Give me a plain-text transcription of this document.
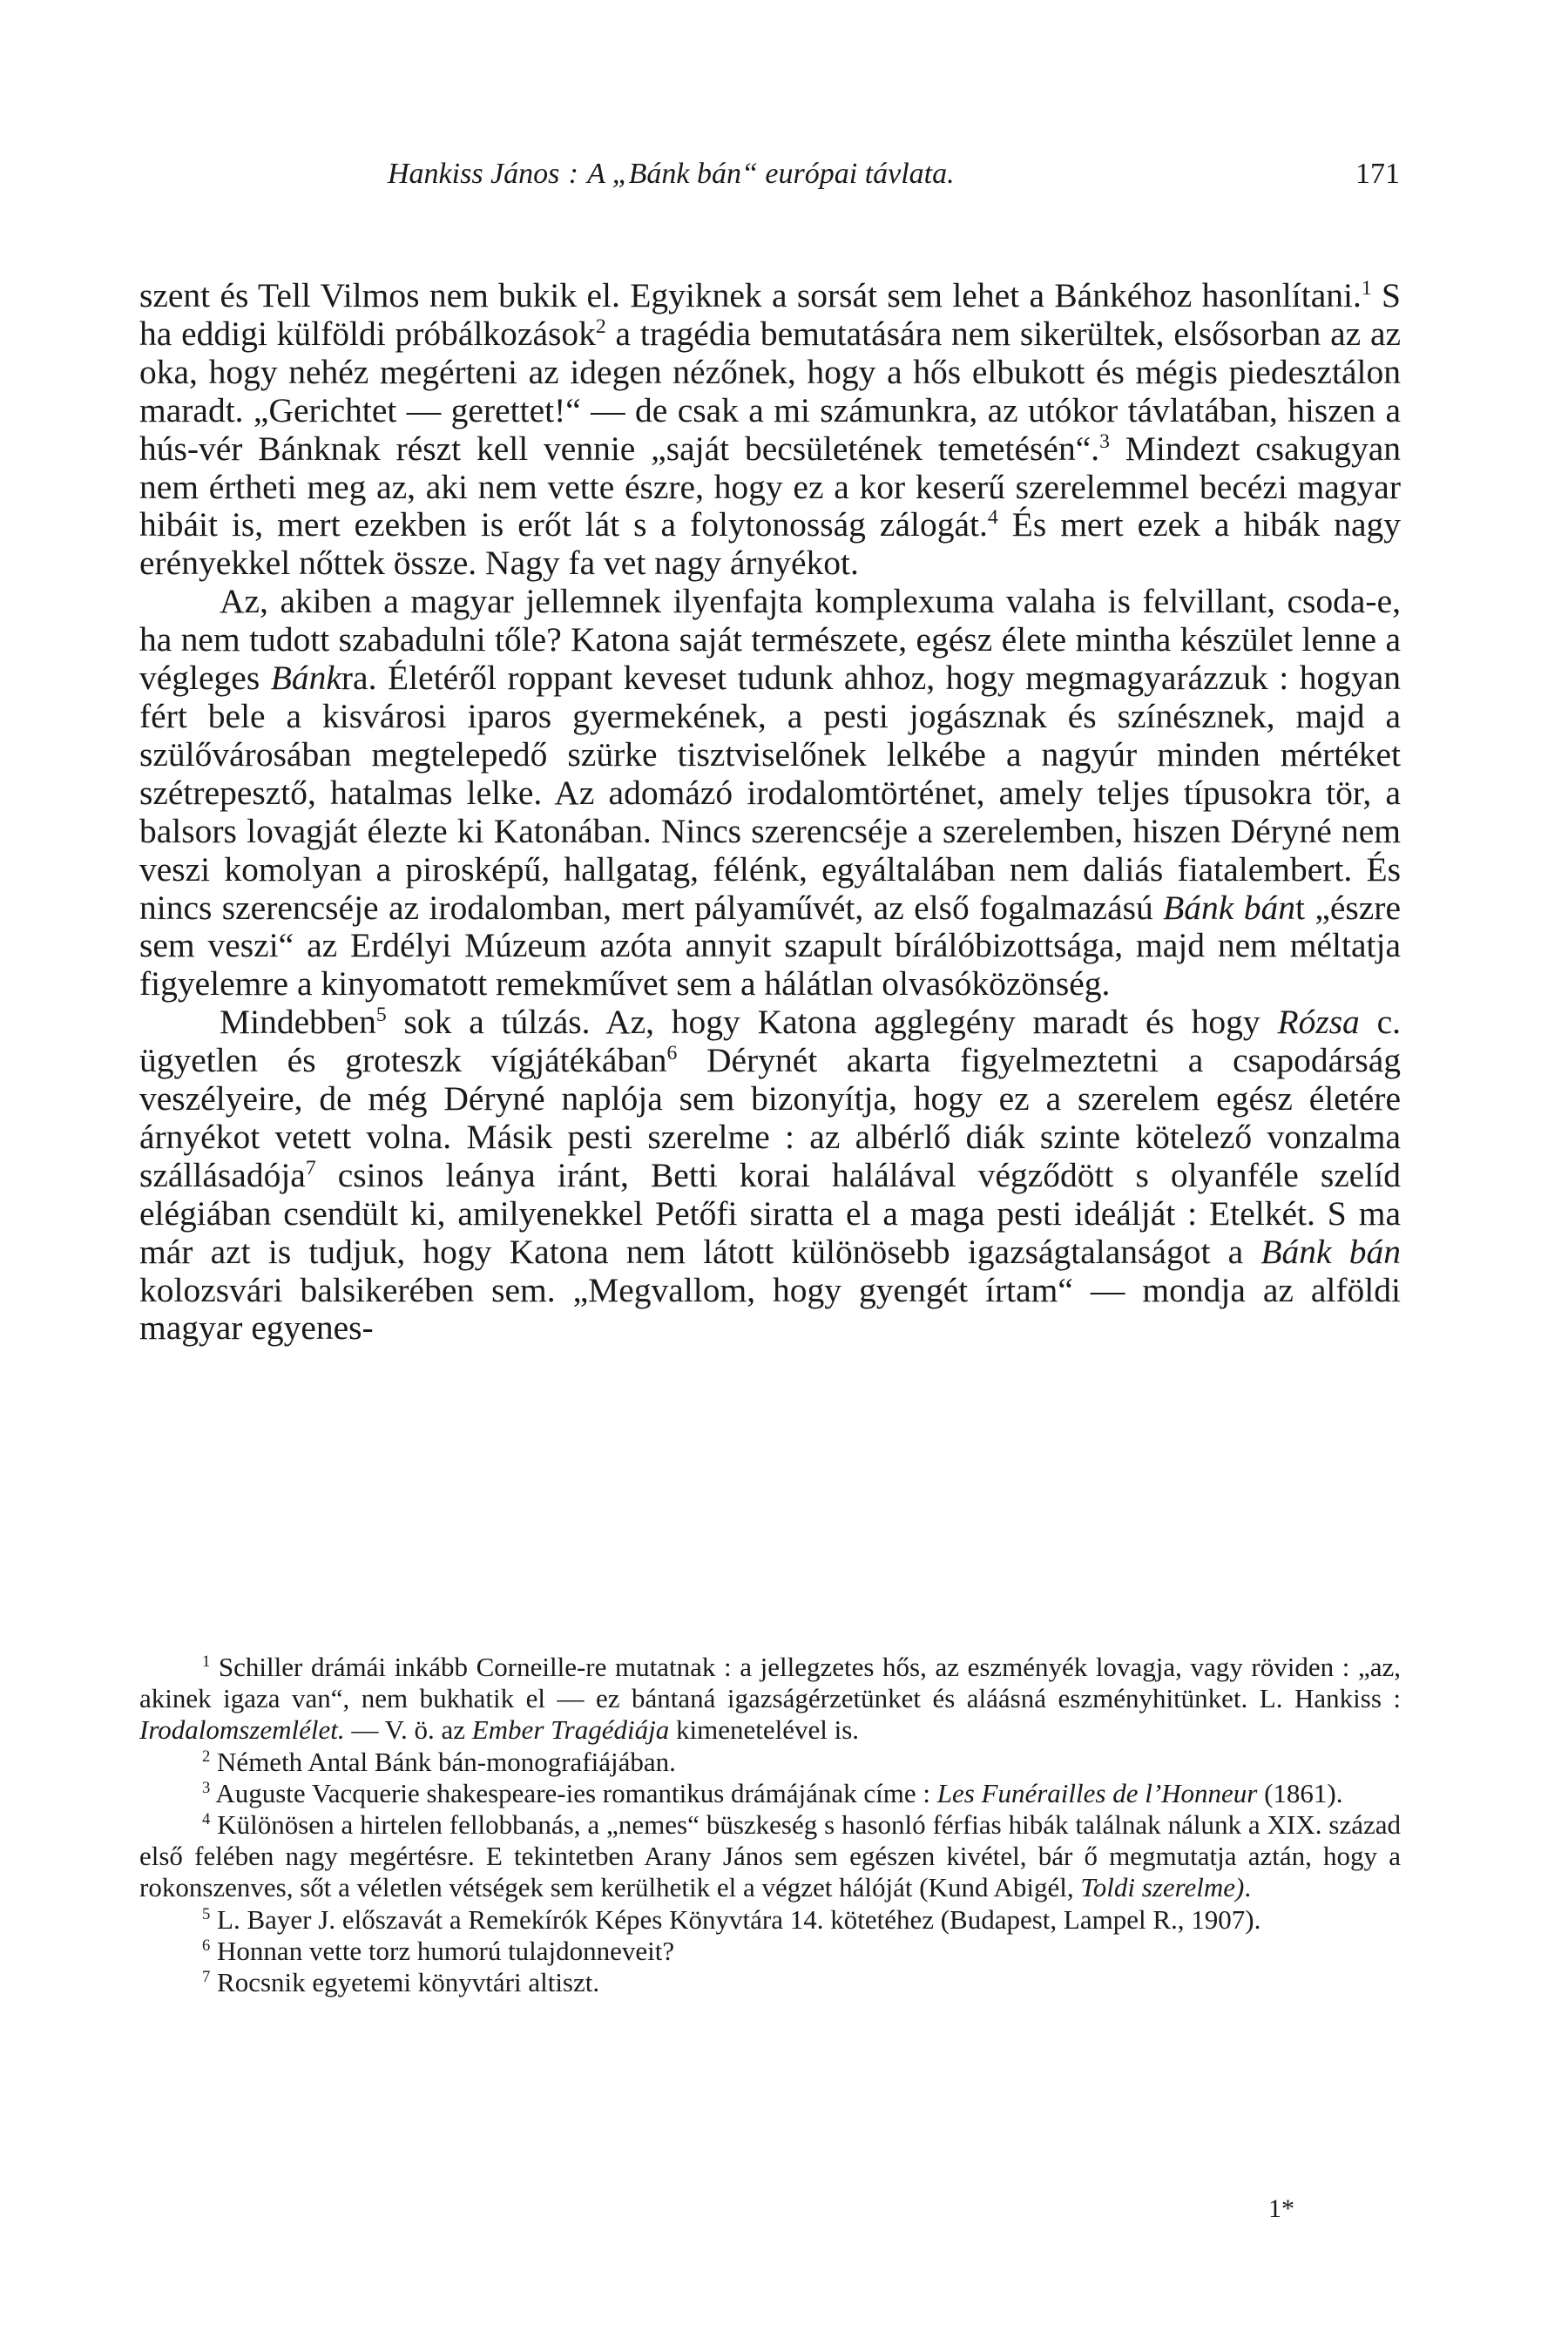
Hankiss János : A „Bánk bán“ európai távlata.	171

szent és Tell Vilmos nem bukik el. Egyiknek a sorsát sem lehet a Bánkéhoz hasonlítani.$^1$ S ha eddigi külföldi próbálkozások$^2$ a tragédia bemutatására nem sikerültek, elsősorban az az oka, hogy nehéz megérteni az idegen nézőnek, hogy a hős elbukott és mégis piedesztálon maradt. „Gerichtet — gerettet!“ — de csak a mi számunkra, az utókor távlatában, hiszen a hús-vér Bánknak részt kell vennie „saját becsületének temetésén“.$^3$ Mindezt csakugyan nem értheti meg az, aki nem vette észre, hogy ez a kor keserű szerelemmel becézi magyar hibáit is, mert ezekben is erőt lát s a folytonosság zálogát.$^4$ És mert ezek a hibák nagy erényekkel nőttek össze. Nagy fa vet nagy árnyékot.

Az, akiben a magyar jellemnek ilyenfajta komplexuma valaha is felvillant, csoda-e, ha nem tudott szabadulni tőle? Katona saját természete, egész élete mintha készület lenne a végleges Bánkra. Életéről roppant keveset tudunk ahhoz, hogy megmagyarázzuk : hogyan fért bele a kisvárosi iparos gyermekének, a pesti jogásznak és színésznek, majd a szülővárosában megtelepedő szürke tisztviselőnek lelkébe a nagyúr minden mértéket szétrepesztő, hatalmas lelke. Az adomázó irodalomtörténet, amely teljes típusokra tör, a balsors lovagját élezte ki Katonában. Nincs szerencséje a szerelemben, hiszen Déryné nem veszi komolyan a pirosképű, hallgatag, félénk, egyáltalában nem daliás fiatalembert. És nincs szerencséje az irodalomban, mert pályaművét, az első fogalmazású Bánk bánt „észre sem veszi“ az Erdélyi Múzeum azóta annyit szapult bírálóbizottsága, majd nem méltatja figyelemre a kinyomatott remekművet sem a hálátlan olvasóközönség.

Mindebben$^5$ sok a túlzás. Az, hogy Katona agglegény maradt és hogy Rózsa c. ügyetlen és groteszk vígjátékában$^6$ Dérynét akarta figyelmeztetni a csapodárság veszélyeire, de még Déryné naplója sem bizonyítja, hogy ez a szerelem egész életére árnyékot vetett volna. Másik pesti szerelme : az albérlő diák szinte kötelező vonzalma szállásadója$^7$ csinos leánya iránt, Betti korai halálával végződött s olyanféle szelíd elégiában csendült ki, amilyenekkel Petőfi siratta el a maga pesti ideálját : Etelkét. S ma már azt is tudjuk, hogy Katona nem látott különösebb igazságtalanságot a Bánk bán kolozsvári balsikerében sem. „Megvallom, hogy gyengét írtam“ — mondja az alföldi magyar egyenes-

$^1$ Schiller drámái inkább Corneille-re mutatnak : a jellegzetes hős, az eszményék lovagja, vagy röviden : „az, akinek igaza van“, nem bukhatik el — ez bántaná igazságérzetünket és aláásná eszményhitünket. L. Hankiss : Irodalomszemlélet. — V. ö. az Ember Tragédiája kimenetelével is.

$^2$ Németh Antal Bánk bán-monografiájában.

$^3$ Auguste Vacquerie shakespeare-ies romantikus drámájának címe : Les Funérailles de l’Honneur (1861).

$^4$ Különösen a hirtelen fellobbanás, a „nemes“ büszkeség s hasonló férfias hibák találnak nálunk a XIX. század első felében nagy megértésre. E tekintetben Arany János sem egészen kivétel, bár ő megmutatja aztán, hogy a rokonszenves, sőt a véletlen vétségek sem kerülhetik el a végzet hálóját (Kund Abigél, Toldi szerelme).

$^5$ L. Bayer J. előszavát a Remekírók Képes Könyvtára 14. kötetéhez (Budapest, Lampel R., 1907).

$^6$ Honnan vette torz humorú tulajdonneveit?

$^7$ Rocsnik egyetemi könyvtári altiszt.

1*
